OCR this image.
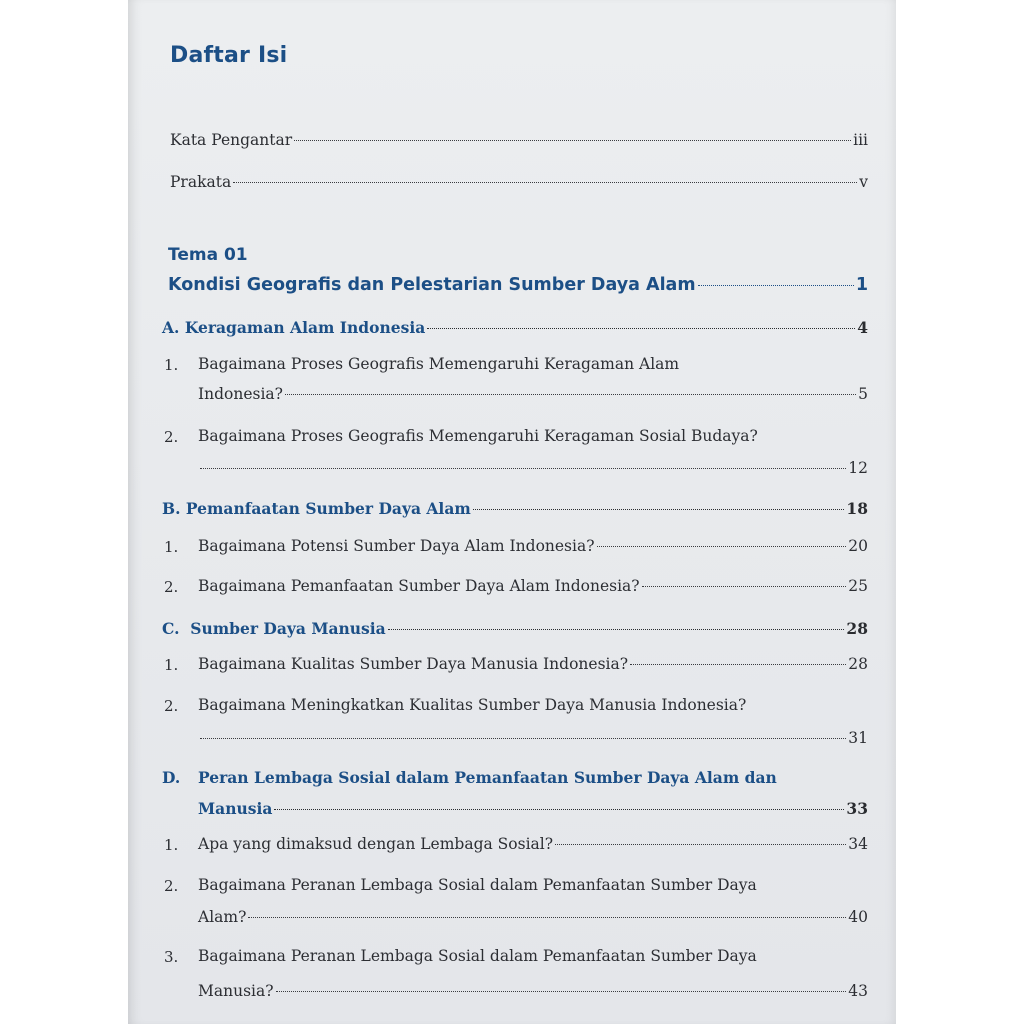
Daftar Isi
Kata Pengantar	iii
Prakata	v
Tema 01
Kondisi Geografis dan Pelestarian Sumber Daya Alam	1
A. Keragaman Alam Indonesia	4
1. Bagaimana Proses Geografis Memengaruhi Keragaman Alam
Indonesia?	5
2. Bagaimana Proses Geografis Memengaruhi Keragaman Sosial Budaya?
12
B. Pemanfaatan Sumber Daya Alam	18
1. Bagaimana Potensi Sumber Daya Alam Indonesia?	20
2. Bagaimana Pemanfaatan Sumber Daya Alam Indonesia?	25
C. Sumber Daya Manusia	28
1. Bagaimana Kualitas Sumber Daya Manusia Indonesia?	28
2. Bagaimana Meningkatkan Kualitas Sumber Daya Manusia Indonesia?
31
D. Peran Lembaga Sosial dalam Pemanfaatan Sumber Daya Alam dan
Manusia	33
1. Apa yang dimaksud dengan Lembaga Sosial?	34
2. Bagaimana Peranan Lembaga Sosial dalam Pemanfaatan Sumber Daya
Alam?	40
3. Bagaimana Peranan Lembaga Sosial dalam Pemanfaatan Sumber Daya
Manusia?	43
